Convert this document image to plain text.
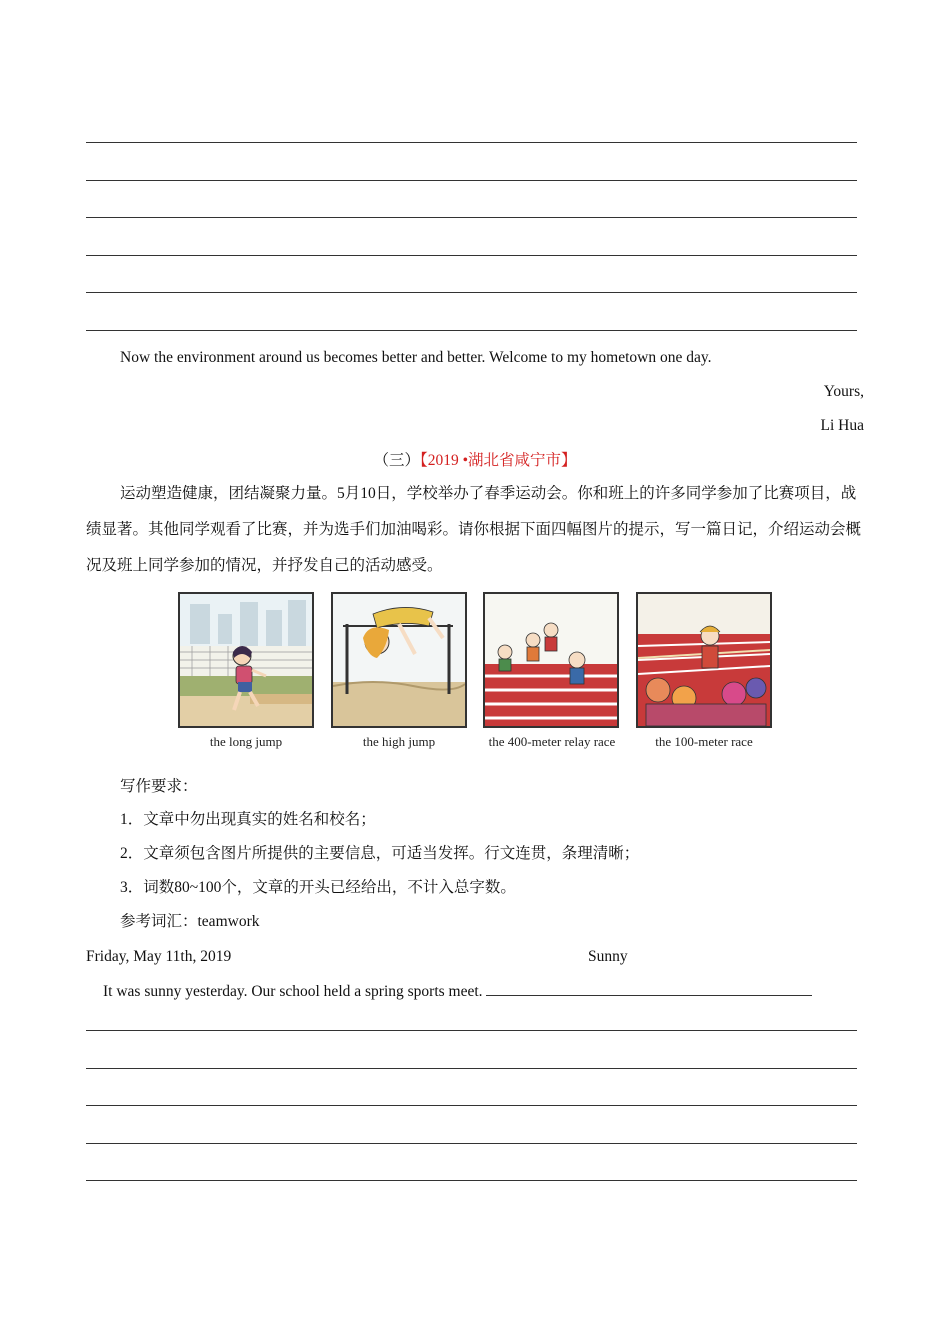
Now the environment around us becomes better and better. Welcome to my hometown one day.
Yours,
Li Hua
（三）【2019 •湖北省咸宁市】
运动塑造健康，团结凝聚力量。5月10日，学校举办了春季运动会。你和班上的许多同学参加了比赛项目，战绩显著。其他同学观看了比赛，并为选手们加油喝彩。请你根据下面四幅图片的提示，写一篇日记，介绍运动会概况及班上同学参加的情况，并抒发自己的活动感受。
the long jump	the high jump	the 400-meter relay race	the 100-meter race
写作要求：
1．文章中勿出现真实的姓名和校名；
2．文章须包含图片所提供的主要信息，可适当发挥。行文连贯，条理清晰；
3．词数80~100个，文章的开头已经给出，不计入总字数。
参考词汇：teamwork
Friday, May 11th, 2019	Sunny
It was sunny yesterday. Our school held a spring sports meet.
